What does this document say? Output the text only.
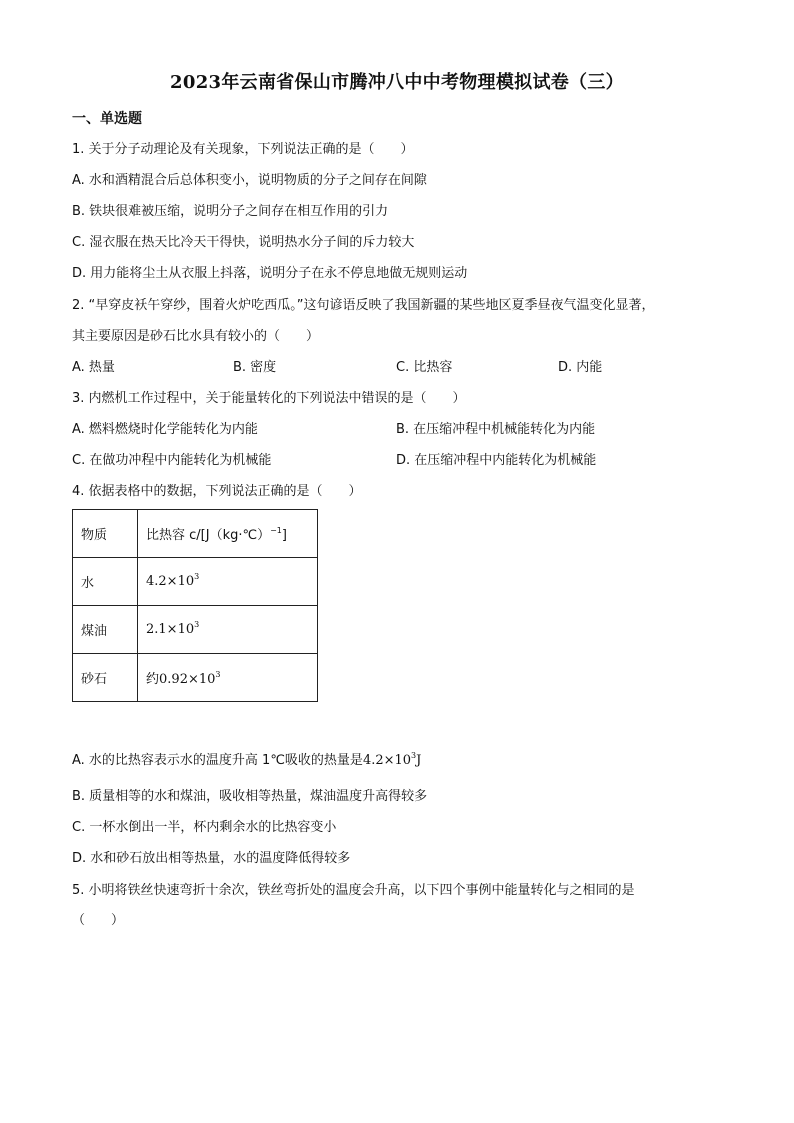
2023年云南省保山市腾冲八中中考物理模拟试卷（三）
一、单选题
1. 关于分子动理论及有关现象，下列说法正确的是（　　）
A. 水和酒精混合后总体积变小，说明物质的分子之间存在间隙
B. 铁块很难被压缩，说明分子之间存在相互作用的引力
C. 湿衣服在热天比冷天干得快，说明热水分子间的斥力较大
D. 用力能将尘土从衣服上抖落，说明分子在永不停息地做无规则运动
2. “早穿皮袄午穿纱，围着火炉吃西瓜。”这句谚语反映了我国新疆的某些地区夏季昼夜气温变化显著，
其主要原因是砂石比水具有较小的（　　）
A. 热量	B. 密度	C. 比热容	D. 内能
3. 内燃机工作过程中，关于能量转化的下列说法中错误的是（　　）
A. 燃料燃烧时化学能转化为内能	B. 在压缩冲程中机械能转化为内能
C. 在做功冲程中内能转化为机械能	D. 在压缩冲程中内能转化为机械能
4. 依据表格中的数据，下列说法正确的是（　　）
物质	比热容 c/[J（kg·℃）$^{-1}$]
水	$4.2\times 10^3$
煤油	$2.1\times 10^3$
砂石	约$0.92\times 10^3$
A. 水的比热容表示水的温度升高 1℃吸收的热量是$4.2\times 10^3J$
B. 质量相等的水和煤油，吸收相等热量，煤油温度升高得较多
C. 一杯水倒出一半，杯内剩余水的比热容变小
D. 水和砂石放出相等热量，水的温度降低得较多
5. 小明将铁丝快速弯折十余次，铁丝弯折处的温度会升高，以下四个事例中能量转化与之相同的是
（　　）
